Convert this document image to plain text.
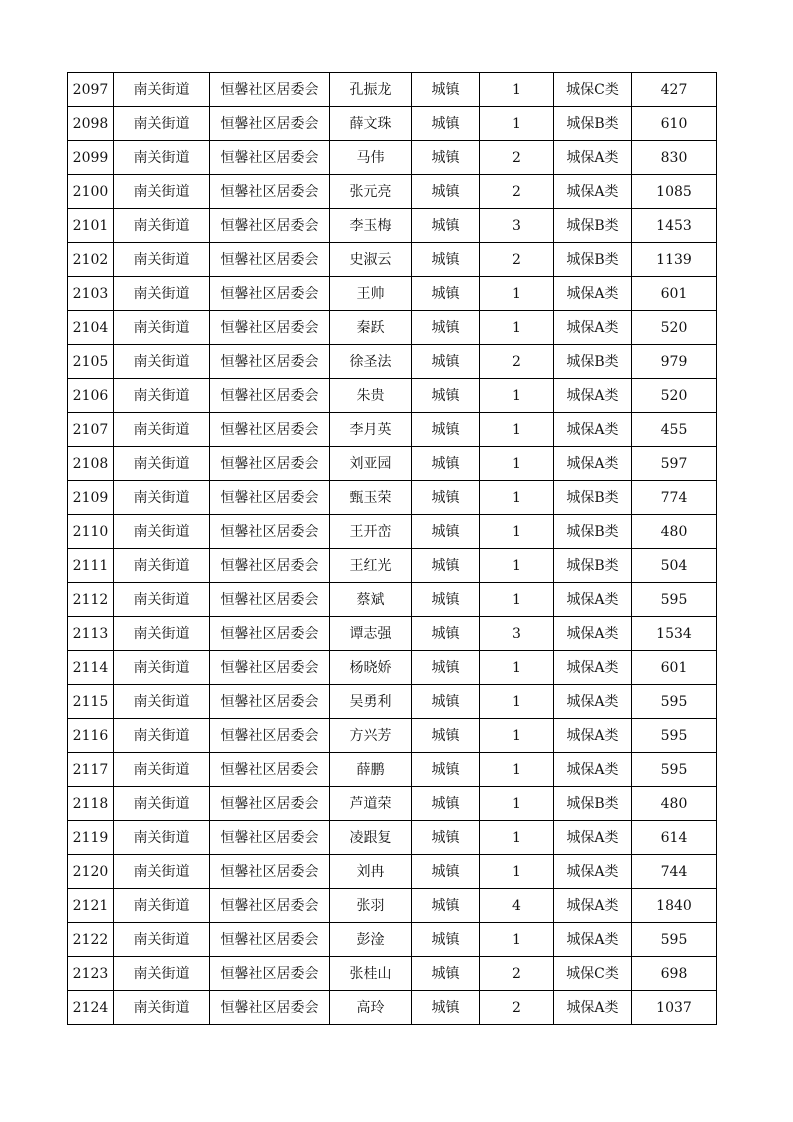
2097	南关街道	恒馨社区居委会	孔振龙	城镇	1	城保C类	427
2098	南关街道	恒馨社区居委会	薛文珠	城镇	1	城保B类	610
2099	南关街道	恒馨社区居委会	马伟	城镇	2	城保A类	830
2100	南关街道	恒馨社区居委会	张元亮	城镇	2	城保A类	1085
2101	南关街道	恒馨社区居委会	李玉梅	城镇	3	城保B类	1453
2102	南关街道	恒馨社区居委会	史淑云	城镇	2	城保B类	1139
2103	南关街道	恒馨社区居委会	王帅	城镇	1	城保A类	601
2104	南关街道	恒馨社区居委会	秦跃	城镇	1	城保A类	520
2105	南关街道	恒馨社区居委会	徐圣法	城镇	2	城保B类	979
2106	南关街道	恒馨社区居委会	朱贵	城镇	1	城保A类	520
2107	南关街道	恒馨社区居委会	李月英	城镇	1	城保A类	455
2108	南关街道	恒馨社区居委会	刘亚园	城镇	1	城保A类	597
2109	南关街道	恒馨社区居委会	甄玉荣	城镇	1	城保B类	774
2110	南关街道	恒馨社区居委会	王开峦	城镇	1	城保B类	480
2111	南关街道	恒馨社区居委会	王红光	城镇	1	城保B类	504
2112	南关街道	恒馨社区居委会	蔡斌	城镇	1	城保A类	595
2113	南关街道	恒馨社区居委会	谭志强	城镇	3	城保A类	1534
2114	南关街道	恒馨社区居委会	杨晓娇	城镇	1	城保A类	601
2115	南关街道	恒馨社区居委会	吴勇利	城镇	1	城保A类	595
2116	南关街道	恒馨社区居委会	方兴芳	城镇	1	城保A类	595
2117	南关街道	恒馨社区居委会	薛鹏	城镇	1	城保A类	595
2118	南关街道	恒馨社区居委会	芦道荣	城镇	1	城保B类	480
2119	南关街道	恒馨社区居委会	凌跟复	城镇	1	城保A类	614
2120	南关街道	恒馨社区居委会	刘冉	城镇	1	城保A类	744
2121	南关街道	恒馨社区居委会	张羽	城镇	4	城保A类	1840
2122	南关街道	恒馨社区居委会	彭淦	城镇	1	城保A类	595
2123	南关街道	恒馨社区居委会	张桂山	城镇	2	城保C类	698
2124	南关街道	恒馨社区居委会	高玲	城镇	2	城保A类	1037
